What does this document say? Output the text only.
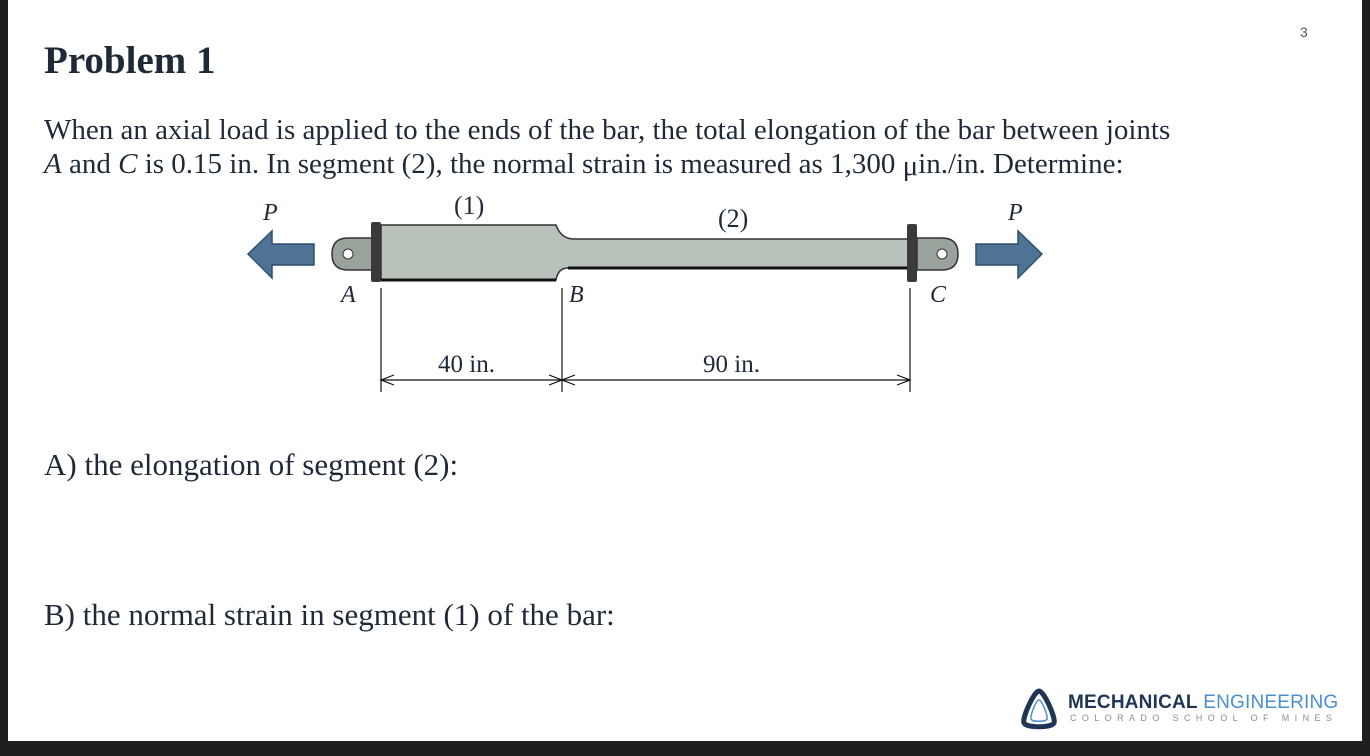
3
Problem 1
When an axial load is applied to the ends of the bar, the total elongation of the bar between joints
A and C is 0.15 in. In segment (2), the normal strain is measured as 1,300 μin./in. Determine:
P	P
(1)	(2)
A	B	C
40 in.	90 in.
A) the elongation of segment (2):
B) the normal strain in segment (1) of the bar:
MECHANICAL ENGINEERING
COLORADO SCHOOL OF MINES
